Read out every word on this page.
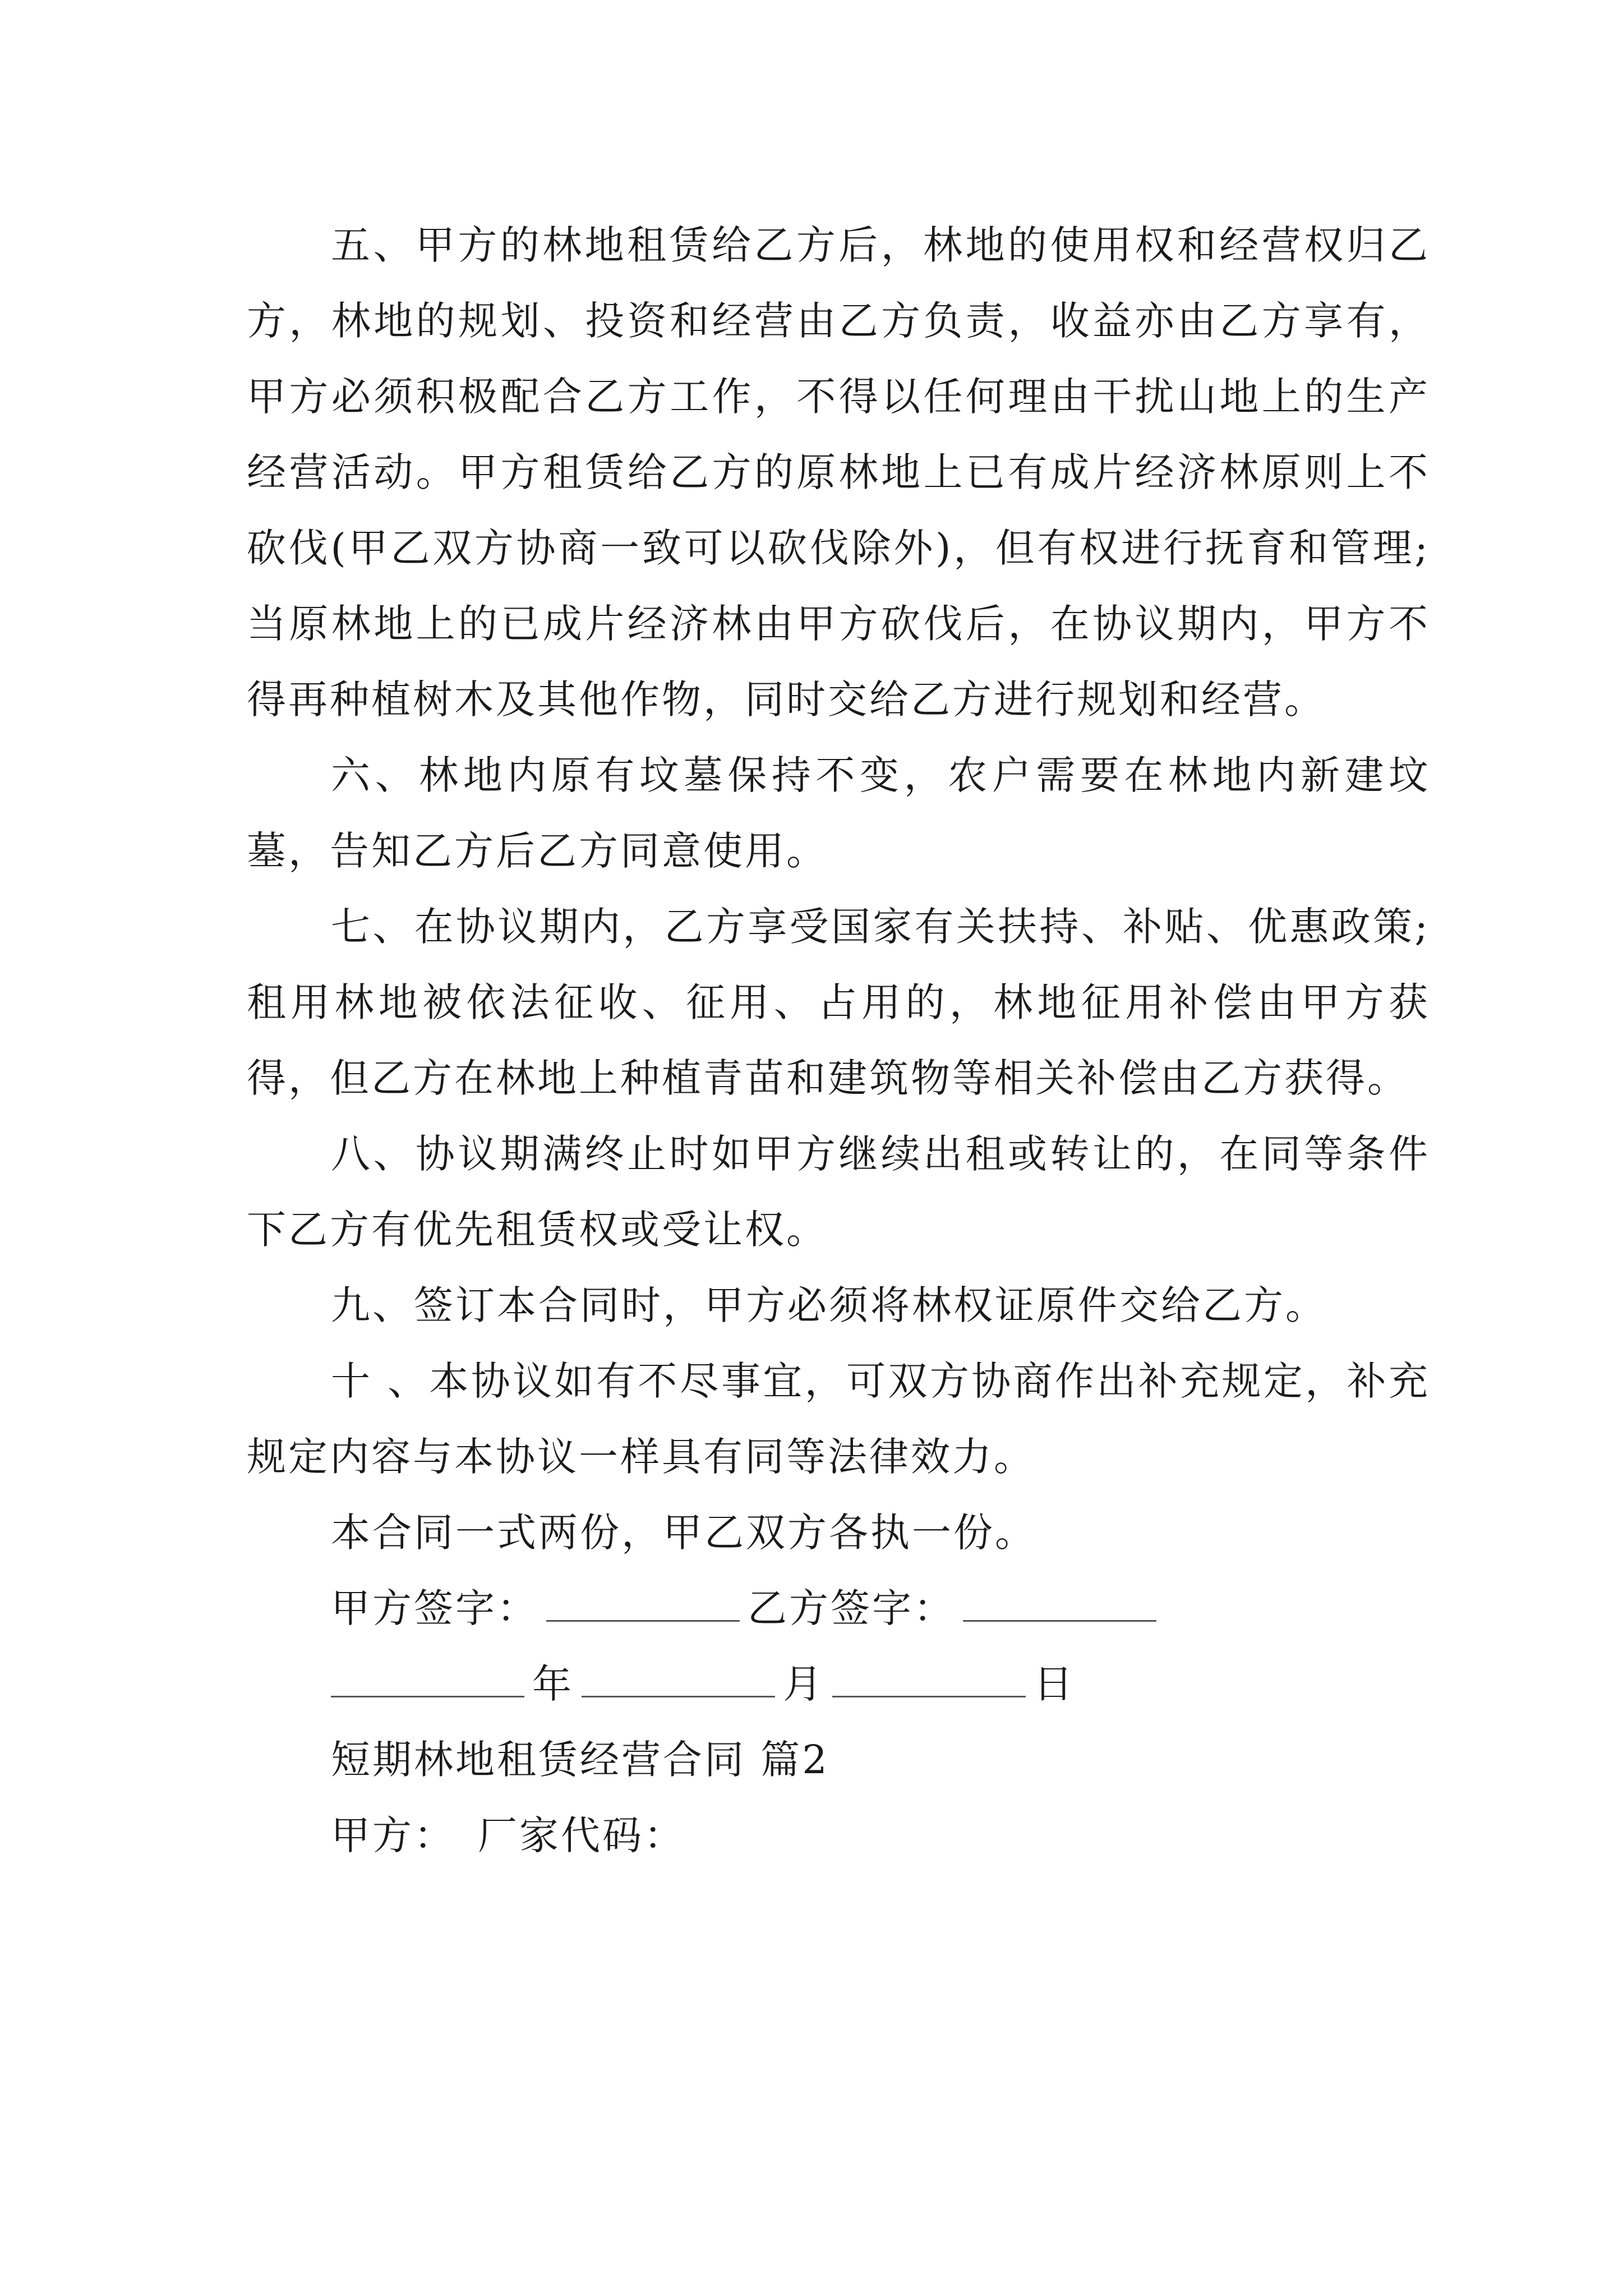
五、甲方的林地租赁给乙方后，林地的使用权和经营权归乙方，林地的规划、投资和经营由乙方负责，收益亦由乙方享有，甲方必须积极配合乙方工作，不得以任何理由干扰山地上的生产经营活动。甲方租赁给乙方的原林地上已有成片经济林原则上不砍伐(甲乙双方协商一致可以砍伐除外)，但有权进行抚育和管理;当原林地上的已成片经济林由甲方砍伐后，在协议期内，甲方不得再种植树木及其他作物，同时交给乙方进行规划和经营。

六、林地内原有坟墓保持不变，农户需要在林地内新建坟墓，告知乙方后乙方同意使用。

七、在协议期内，乙方享受国家有关扶持、补贴、优惠政策;租用林地被依法征收、征用、占用的，林地征用补偿由甲方获得，但乙方在林地上种植青苗和建筑物等相关补偿由乙方获得。

八、协议期满终止时如甲方继续出租或转让的，在同等条件下乙方有优先租赁权或受让权。

九、签订本合同时，甲方必须将林权证原件交给乙方。

十 、本协议如有不尽事宜，可双方协商作出补充规定，补充规定内容与本协议一样具有同等法律效力。

本合同一式两份，甲乙双方各执一份。

甲方签字：	乙方签字：

年	月	日

短期林地租赁经营合同 篇2

甲方： 厂家代码：
